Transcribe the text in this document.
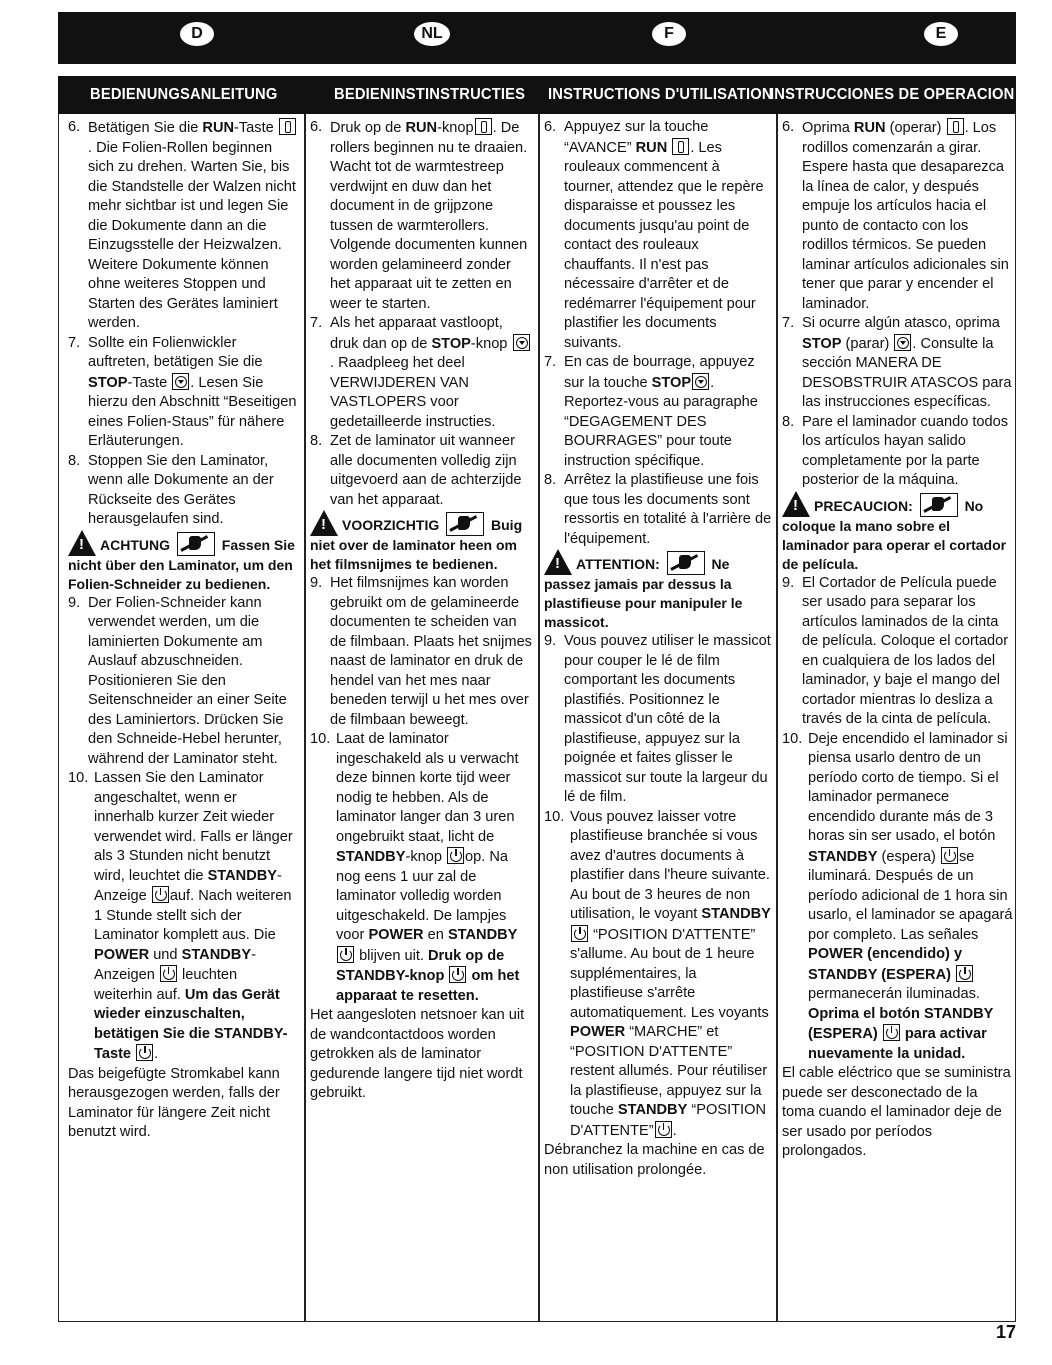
D	NL	F	E
BEDIENUNGSANLEITUNG	BEDIENINSTINSTRUCTIES INSTRUCTIONS D'UTILISATION
INSTRUCCIONES DE OPERACION

6. Betätigen Sie die RUN-Taste . Die Folien-Rollen beginnen sich zu drehen. Warten Sie, bis die Standstelle der Walzen nicht mehr sichtbar ist und legen Sie die Dokumente dann an die Einzugsstelle der Heizwalzen. Weitere Dokumente können ohne weiteres Stoppen und Starten des Gerätes laminiert werden.

7. Sollte ein Folienwickler auftreten, betätigen Sie die STOP-Taste . Lesen Sie hierzu den Abschnitt “Beseitigen eines Folien-Staus” für nähere Erläuterungen.

8. Stoppen Sie den Laminator, wenn alle Dokumente an der Rückseite des Gerätes herausgelaufen sind.

!ACHTUNG	Fassen Sie nicht über den Laminator, um den Folien-Schneider zu bedienen.

9. Der Folien-Schneider kann verwendet werden, um die laminierten Dokumente am Auslauf abzuschneiden. Positionieren Sie den Seitenschneider an einer Seite des Laminiertors. Drücken Sie den Schneide-Hebel herunter, während der Laminator steht.

10. Lassen Sie den Laminator angeschaltet, wenn er innerhalb kurzer Zeit wieder verwendet wird. Falls er länger als 3 Stunden nicht benutzt wird, leuchtet die STANDBY-Anzeige auf. Nach weiteren 1 Stunde stellt sich der Laminator komplett aus. Die POWER und STANDBY-Anzeigen leuchten weiterhin auf. Um das Gerät wieder einzuschalten, betätigen Sie die STANDBY-Taste .

Das beigefügte Stromkabel kann herausgezogen werden, falls der Laminator für längere Zeit nicht benutzt wird.

6. Druk op de RUN-knop . De rollers beginnen nu te draaien. Wacht tot de warmtestreep verdwijnt en duw dan het document in de grijpzone tussen de warmterollers. Volgende documenten kunnen worden gelamineerd zonder het apparaat uit te zetten en weer te starten.

7. Als het apparaat vastloopt, druk dan op de STOP-knop . Raadpleeg het deel VERWIJDEREN VAN VASTLOPERS voor gedetailleerde instructies.

8. Zet de laminator uit wanneer alle documenten volledig zijn uitgevoerd aan de achterzijde van het apparaat.

!VOORZICHTIG	Buig niet over de laminator heen om het filmsnijmes te bedienen.

9. Het filmsnijmes kan worden gebruikt om de gelamineerde documenten te scheiden van de filmbaan. Plaats het snijmes naast de laminator en druk de hendel van het mes naar beneden terwijl u het mes over de filmbaan beweegt.

10. Laat de laminator ingeschakeld als u verwacht deze binnen korte tijd weer nodig te hebben. Als de laminator langer dan 3 uren ongebruikt staat, licht de STANDBY-knop op. Na nog eens 1 uur zal de laminator volledig worden uitgeschakeld. De lampjes voor POWER en STANDBY  blijven uit. Druk op de STANDBY-knop om het apparaat te resetten.

Het aangesloten netsnoer kan uit de wandcontactdoos worden getrokken als de laminator gedurende langere tijd niet wordt gebruikt.

6. Appuyez sur la touche “AVANCE” RUN . Les rouleaux commencent à tourner, attendez que le repère disparaisse et poussez les documents jusqu'au point de contact des rouleaux chauffants. Il n'est pas nécessaire d'arrêter et de redémarrer l'équipement pour plastifier les documents suivants.

7. En cas de bourrage, appuyez sur la touche STOP . Reportez-vous au paragraphe “DEGAGEMENT DES BOURRAGES” pour toute instruction spécifique.

8. Arrêtez la plastifieuse une fois que tous les documents sont ressortis en totalité à l'arrière de l'équipement.

!ATTENTION:	Ne passez jamais par dessus la plastifieuse pour manipuler le massicot.

9. Vous pouvez utiliser le massicot pour couper le lé de film comportant les documents plastifiés. Positionnez le massicot d'un côté de la plastifieuse, appuyez sur la poignée et faites glisser le massicot sur toute la largeur du lé de film.

10. Vous pouvez laisser votre plastifieuse branchée si vous avez d'autres documents à plastifier dans l'heure suivante. Au bout de 3 heures de non utilisation, le voyant STANDBY  “POSITION D'ATTENTE” s'allume. Au bout de 1 heure supplémentaires, la plastifieuse s'arrête automatiquement. Les voyants POWER “MARCHE” et “POSITION D'ATTENTE” restent allumés. Pour réutiliser la plastifieuse, appuyez sur la touche STANDBY “POSITION D'ATTENTE” .

Débranchez la machine en cas de non utilisation prolongée.

6. Oprima RUN (operar) . Los rodillos comenzarán a girar. Espere hasta que desaparezca la línea de calor, y después empuje los artículos hacia el punto de contacto con los rodillos térmicos. Se pueden laminar artículos adicionales sin tener que parar y encender el laminador.

7. Si ocurre algún atasco, oprima STOP (parar) . Consulte la sección MANERA DE DESOBSTRUIR ATASCOS para las instrucciones específicas.

8. Pare el laminador cuando todos los artículos hayan salido completamente por la parte posterior de la máquina.

!PRECAUCION:	No coloque la mano sobre el laminador para operar el cortador de película.

9. El Cortador de Película puede ser usado para separar los artículos laminados de la cinta de película. Coloque el cortador en cualquiera de los lados del laminador, y baje el mango del cortador mientras lo desliza a través de la cinta de película.

10. Deje encendido el laminador si piensa usarlo dentro de un período corto de tiempo. Si el laminador permanece encendido durante más de 3 horas sin ser usado, el botón STANDBY (espera) se iluminará. Después de un período adicional de 1 hora sin usarlo, el laminador se apagará por completo. Las señales POWER (encendido) y STANDBY (ESPERA)  permanecerán iluminadas. Oprima el botón STANDBY (ESPERA) para activar nuevamente la unidad.

El cable eléctrico que se suministra puede ser desconectado de la toma cuando el laminador deje de ser usado por períodos prolongados.

17
